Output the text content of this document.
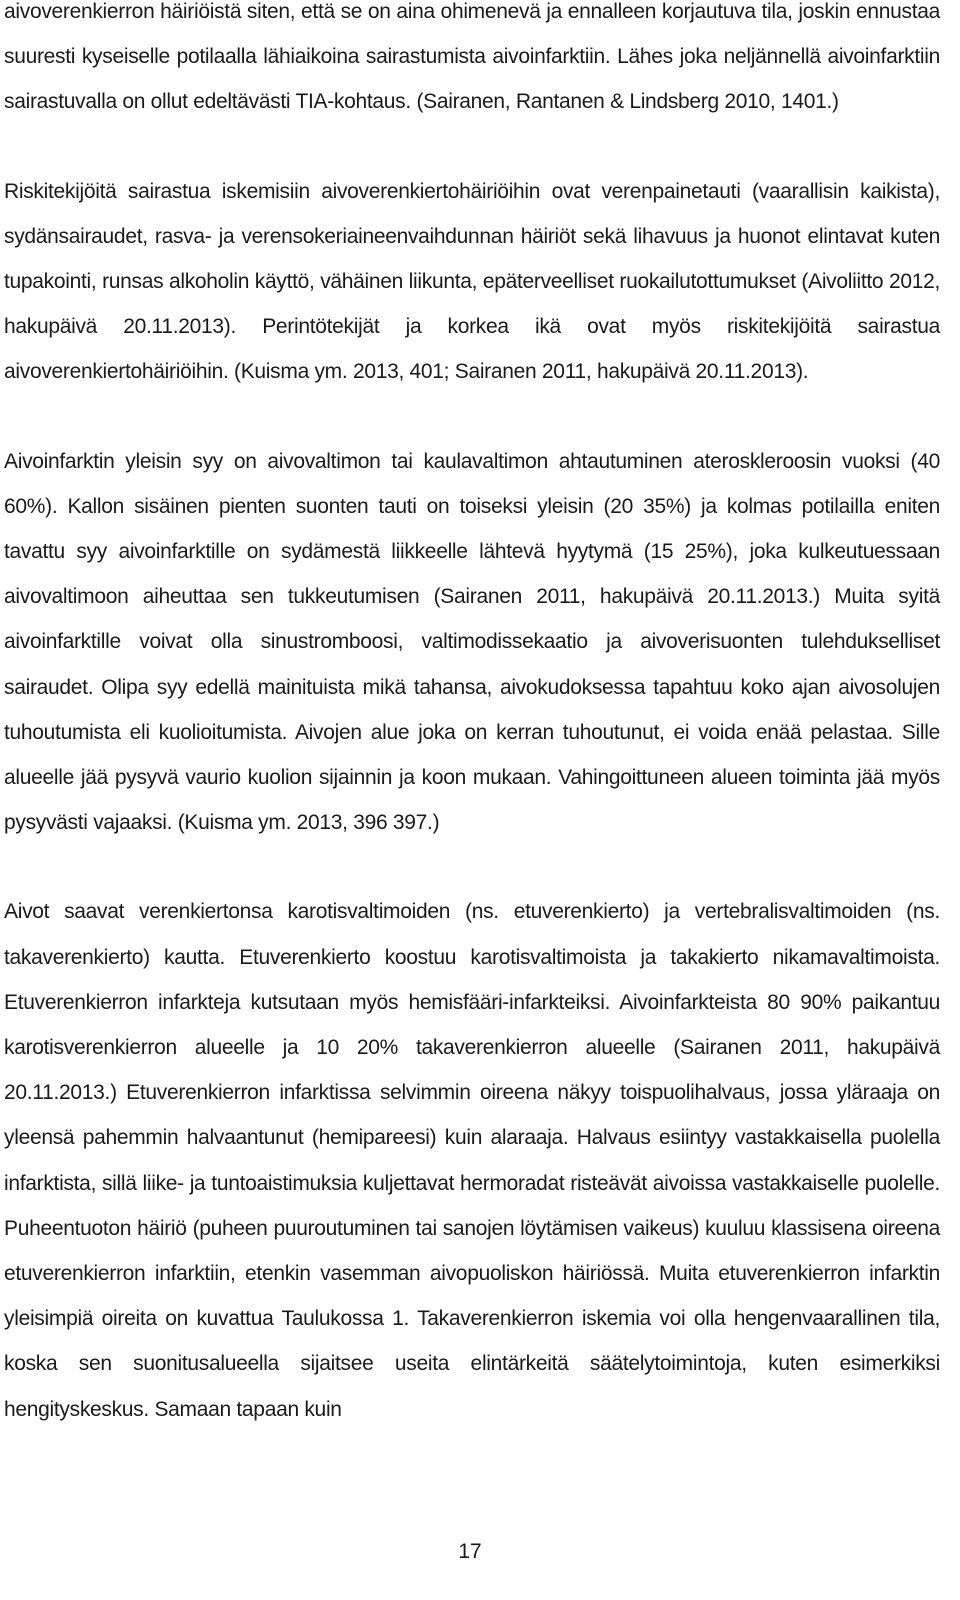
aivoverenkierron häiriöistä siten, että se on aina ohimenevä ja ennalleen korjautuva tila, joskin ennustaa suuresti kyseiselle potilaalla lähiaikoina sairastumista aivoinfarktiin. Lähes joka neljännellä aivoinfarktiin sairastuvalla on ollut edeltävästi TIA-kohtaus. (Sairanen, Rantanen & Lindsberg 2010, 1401.)

Riskitekijöitä sairastua iskemisiin aivoverenkiertohäiriöihin ovat verenpainetauti (vaarallisin kaikista), sydänsairaudet, rasva- ja verensokeriaineenvaihdunnan häiriöt sekä lihavuus ja huonot elintavat kuten tupakointi, runsas alkoholin käyttö, vähäinen liikunta, epäterveelliset ruokailutottumukset (Aivoliitto 2012, hakupäivä 20.11.2013). Perintötekijät ja korkea ikä ovat myös riskitekijöitä sairastua aivoverenkiertohäiriöihin. (Kuisma ym. 2013, 401; Sairanen 2011, hakupäivä 20.11.2013).

Aivoinfarktin yleisin syy on aivovaltimon tai kaulavaltimon ahtautuminen ateroskleroosin vuoksi (40 60%). Kallon sisäinen pienten suonten tauti on toiseksi yleisin (20 35%) ja kolmas potilailla eniten tavattu syy aivoinfarktille on sydämestä liikkeelle lähtevä hyytymä (15 25%), joka kulkeutuessaan aivovaltimoon aiheuttaa sen tukkeutumisen (Sairanen 2011, hakupäivä 20.11.2013.) Muita syitä aivoinfarktille voivat olla sinustromboosi, valtimodissekaatio ja aivoverisuonten tulehdukselliset sairaudet. Olipa syy edellä mainituista mikä tahansa, aivokudoksessa tapahtuu koko ajan aivosolujen tuhoutumista eli kuolioitumista. Aivojen alue joka on kerran tuhoutunut, ei voida enää pelastaa. Sille alueelle jää pysyvä vaurio kuolion sijainnin ja koon mukaan. Vahingoittuneen alueen toiminta jää myös pysyvästi vajaaksi. (Kuisma ym. 2013, 396 397.)

Aivot saavat verenkiertonsa karotisvaltimoiden (ns. etuverenkierto) ja vertebralisvaltimoiden (ns. takaverenkierto) kautta. Etuverenkierto koostuu karotisvaltimoista ja takakierto nikamavaltimoista. Etuverenkierron infarkteja kutsutaan myös hemisfääri-infarkteiksi. Aivoinfarkteista 80 90% paikantuu karotisverenkierron alueelle ja 10 20% takaverenkierron alueelle (Sairanen 2011, hakupäivä 20.11.2013.) Etuverenkierron infarktissa selvimmin oireena näkyy toispuolihalvaus, jossa yläraaja on yleensä pahemmin halvaantunut (hemipareesi) kuin alaraaja. Halvaus esiintyy vastakkaisella puolella infarktista, sillä liike- ja tuntoaistimuksia kuljettavat hermoradat risteävät aivoissa vastakkaiselle puolelle. Puheentuoton häiriö (puheen puuroutuminen tai sanojen löytämisen vaikeus) kuuluu klassisena oireena etuverenkierron infarktiin, etenkin vasemman aivopuoliskon häiriössä. Muita etuverenkierron infarktin yleisimpiä oireita on kuvattua Taulukossa 1. Takaverenkierron iskemia voi olla hengenvaarallinen tila, koska sen suonitusalueella sijaitsee useita elintärkeitä säätelytoimintoja, kuten esimerkiksi hengityskeskus. Samaan tapaan kuin

17
